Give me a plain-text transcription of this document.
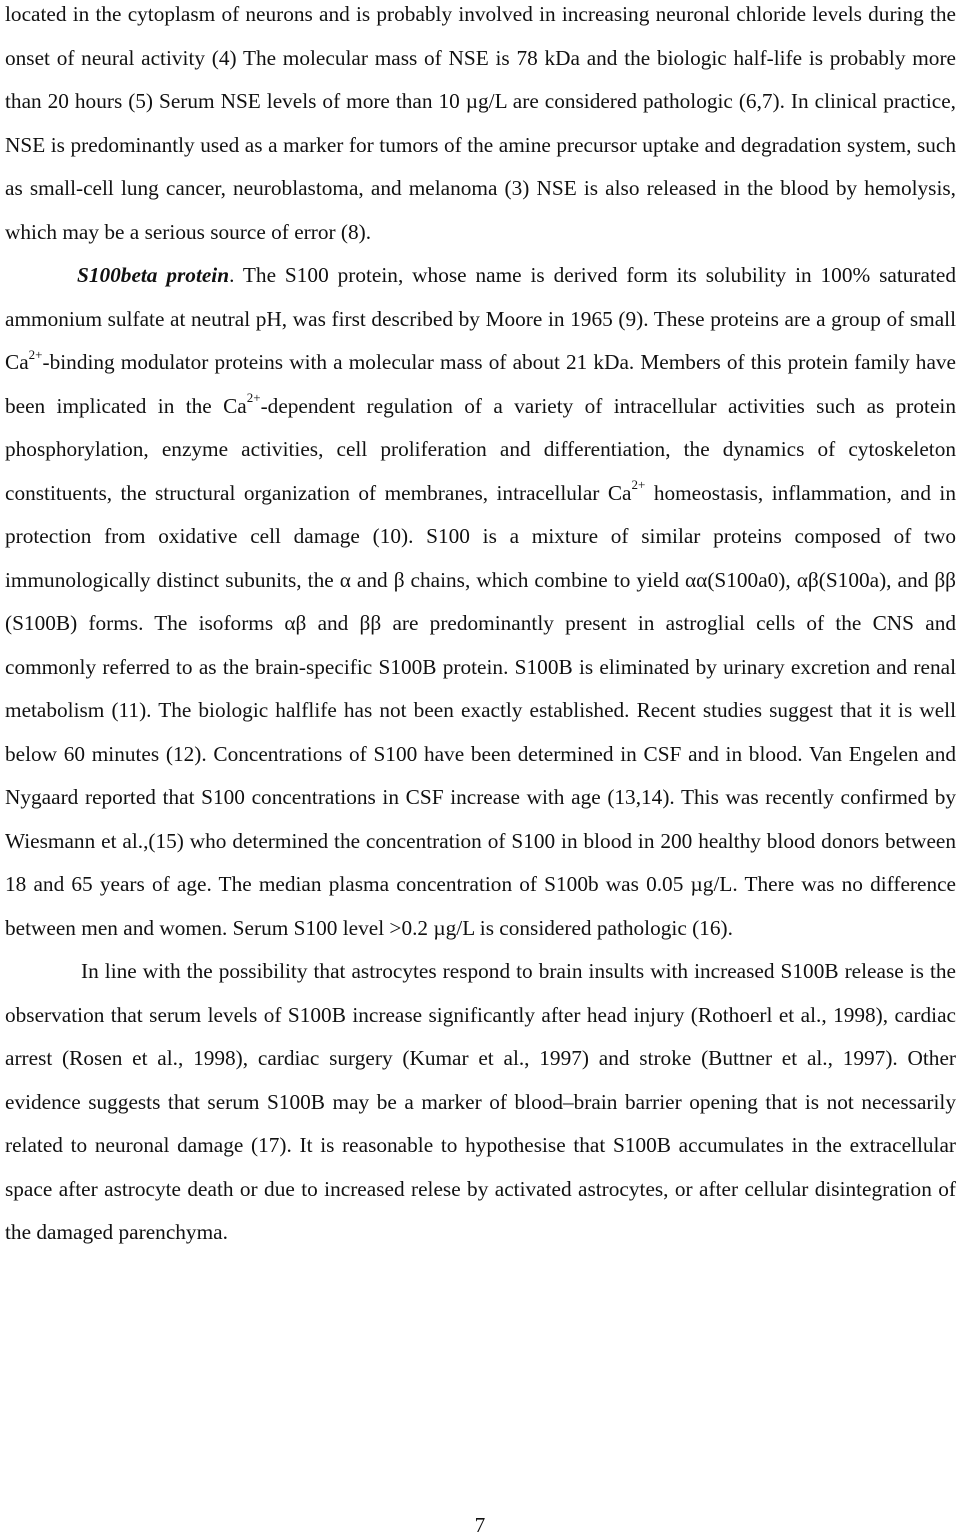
located in the cytoplasm of neurons and is probably involved in increasing neuronal chloride levels during the onset of neural activity (4) The molecular mass of NSE is 78 kDa and the biologic half-life is probably more than 20 hours (5) Serum NSE levels of more than 10 µg/L are considered pathologic (6,7). In clinical practice, NSE is predominantly used as a marker for tumors of the amine precursor uptake and degradation system, such as small-cell lung cancer, neuroblastoma, and melanoma (3) NSE is also released in the blood by hemolysis, which may be a serious source of error (8).

S100beta protein. The S100 protein, whose name is derived form its solubility in 100% saturated ammonium sulfate at neutral pH, was first described by Moore in 1965 (9). These proteins are a group of small $Ca^{2+}$-binding modulator proteins with a molecular mass of about 21 kDa. Members of this protein family have been implicated in the $Ca^{2+}$-dependent regulation of a variety of intracellular activities such as protein phosphorylation, enzyme activities, cell proliferation and differentiation, the dynamics of cytoskeleton constituents, the structural organization of membranes, intracellular $Ca^{2+}$ homeostasis, inflammation, and in protection from oxidative cell damage (10). S100 is a mixture of similar proteins composed of two immunologically distinct subunits, the α and β chains, which combine to yield αα(S100a0), αβ(S100a), and ββ (S100B) forms. The isoforms αβ and ββ are predominantly present in astroglial cells of the CNS and commonly referred to as the brain-specific S100B protein. S100B is eliminated by urinary excretion and renal metabolism (11). The biologic halflife has not been exactly established. Recent studies suggest that it is well below 60 minutes (12). Concentrations of S100 have been determined in CSF and in blood. Van Engelen and Nygaard reported that S100 concentrations in CSF increase with age (13,14). This was recently confirmed by Wiesmann et al.,(15) who determined the concentration of S100 in blood in 200 healthy blood donors between 18 and 65 years of age. The median plasma concentration of S100b was 0.05 µg/L. There was no difference between men and women. Serum S100 level >0.2 µg/L is considered pathologic (16).

In line with the possibility that astrocytes respond to brain insults with increased S100B release is the observation that serum levels of S100B increase significantly after head injury (Rothoerl et al., 1998), cardiac arrest (Rosen et al., 1998), cardiac surgery (Kumar et al., 1997) and stroke (Buttner et al., 1997). Other evidence suggests that serum S100B may be a marker of blood–brain barrier opening that is not necessarily related to neuronal damage (17). It is reasonable to hypothesise that S100B accumulates in the extracellular space after astrocyte death or due to increased relese by activated astrocytes, or after cellular disintegration of the damaged parenchyma.

7
